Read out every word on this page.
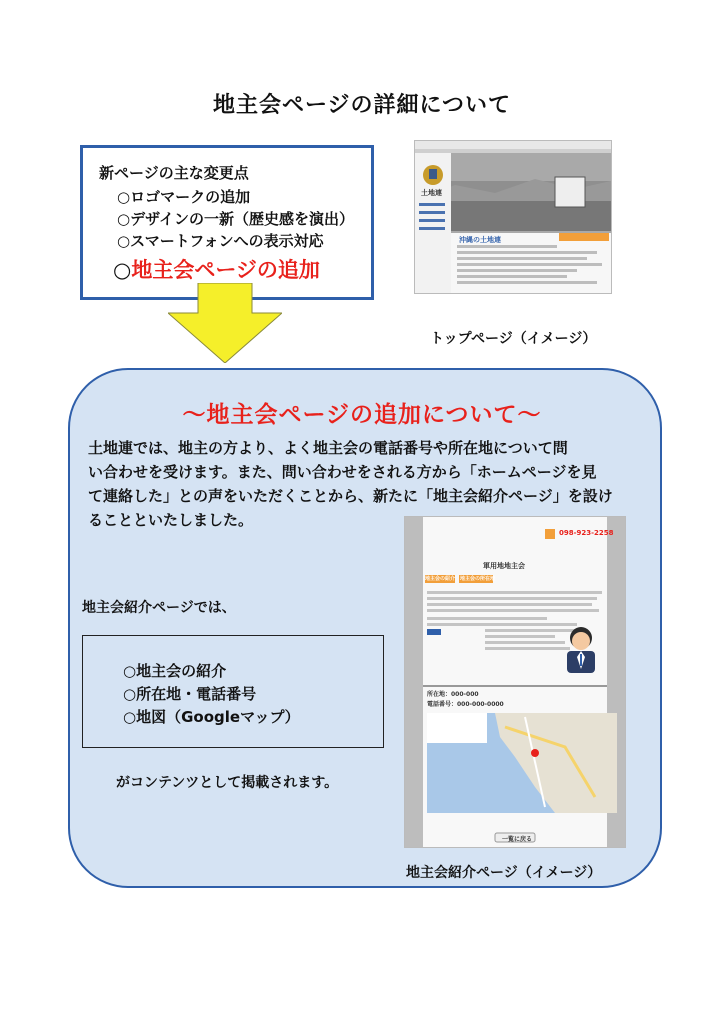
地主会ページの詳細について
新ページの主な変更点
○ロゴマークの追加
○デザインの一新（歴史感を演出）
○スマートフォンへの表示対応
○地主会ページの追加
土地連
沖縄の土地連
トップページ（イメージ）
～地主会ページの追加について～
土地連では、地主の方より、よく地主会の電話番号や所在地について問
い合わせを受けます。また、問い合わせをされる方から「ホームページを見
て連絡した」との声をいただくことから、新たに「地主会紹介ページ」を設け
ることといたしました。
地主会紹介ページでは、
○地主会の紹介
○所在地・電話番号
○地図（Googleマップ）
がコンテンツとして掲載されます。
098-923-2258
軍用地地主会
地主会の紹介 地主会の所在地
所在地：000-000
電話番号：000-000-0000
一覧に戻る
地主会紹介ページ（イメージ）
